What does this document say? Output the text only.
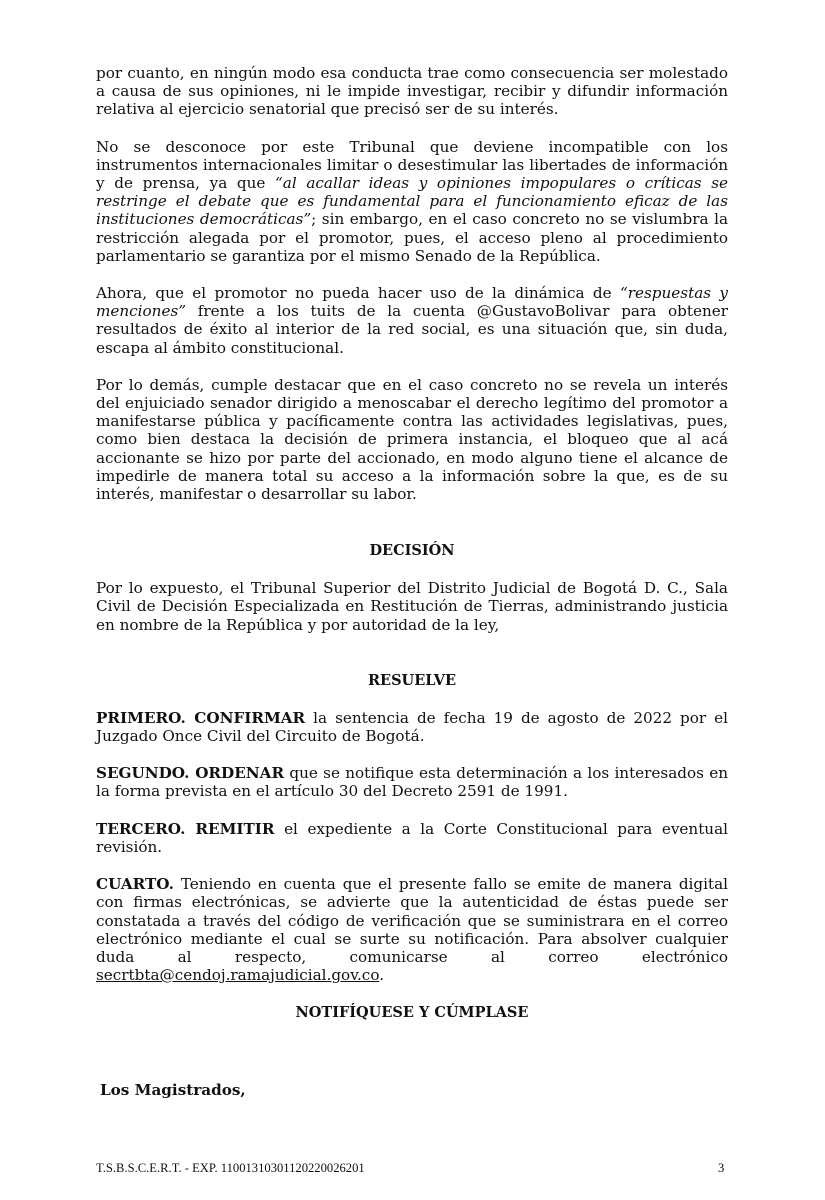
por cuanto, en ningún modo esa conducta trae como consecuencia ser molestado a causa de sus opiniones, ni le impide investigar, recibir y difundir información relativa al ejercicio senatorial que precisó ser de su interés.

No se desconoce por este Tribunal que deviene incompatible con los instrumentos internacionales limitar o desestimular las libertades de información y de prensa, ya que “al acallar ideas y opiniones impopulares o críticas se restringe el debate que es fundamental para el funcionamiento eficaz de las instituciones democráticas”; sin embargo, en el caso concreto no se vislumbra la restricción alegada por el promotor, pues, el acceso pleno al procedimiento parlamentario se garantiza por el mismo Senado de la República.

Ahora, que el promotor no pueda hacer uso de la dinámica de “respuestas y menciones” frente a los tuits de la cuenta @GustavoBolivar para obtener resultados de éxito al interior de la red social, es una situación que, sin duda, escapa al ámbito constitucional.

Por lo demás, cumple destacar que en el caso concreto no se revela un interés del enjuiciado senador dirigido a menoscabar el derecho legítimo del promotor a manifestarse pública y pacíficamente contra las actividades legislativas, pues, como bien destaca la decisión de primera instancia, el bloqueo que al acá accionante se hizo por parte del accionado, en modo alguno tiene el alcance de impedirle de manera total su acceso a la información sobre la que, es de su interés, manifestar o desarrollar su labor.

DECISIÓN

Por lo expuesto, el Tribunal Superior del Distrito Judicial de Bogotá D. C., Sala Civil de Decisión Especializada en Restitución de Tierras, administrando justicia en nombre de la República y por autoridad de la ley,

RESUELVE

PRIMERO. CONFIRMAR la sentencia de fecha 19 de agosto de 2022 por el Juzgado Once Civil del Circuito de Bogotá.

SEGUNDO. ORDENAR que se notifique esta determinación a los interesados en la forma prevista en el artículo 30 del Decreto 2591 de 1991.

TERCERO. REMITIR el expediente a la Corte Constitucional para eventual revisión.

CUARTO. Teniendo en cuenta que el presente fallo se emite de manera digital con firmas electrónicas, se advierte que la autenticidad de éstas puede ser constatada a través del código de verificación que se suministrara en el correo electrónico mediante el cual se surte su notificación. Para absolver cualquier duda al respecto, comunicarse al correo electrónico secrtbta@cendoj.ramajudicial.gov.co.

NOTIFÍQUESE Y CÚMPLASE
Los Magistrados,
T.S.B.S.C.E.R.T. - EXP. 11001310301120220026201	3
